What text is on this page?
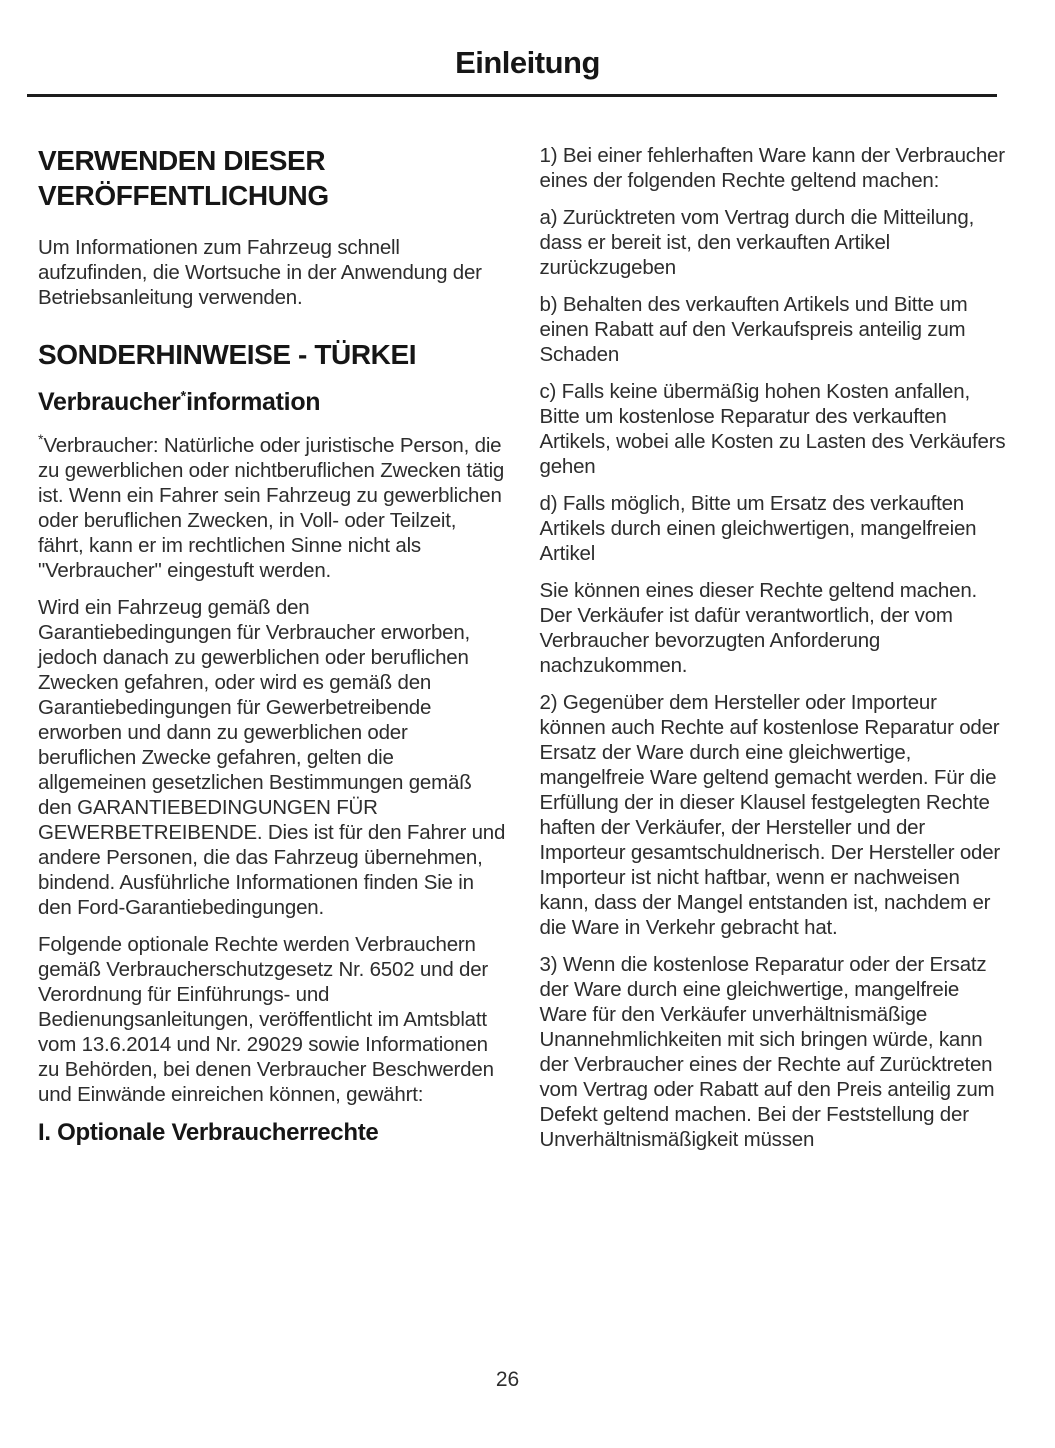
Einleitung
VERWENDEN DIESER VERÖFFENTLICHUNG

Um Informationen zum Fahrzeug schnell aufzufinden, die Wortsuche in der Anwendung der Betriebsanleitung verwenden.

SONDERHINWEISE - TÜRKEI
Verbraucher*information

*Verbraucher: Natürliche oder juristische Person, die zu gewerblichen oder nichtberuflichen Zwecken tätig ist. Wenn ein Fahrer sein Fahrzeug zu gewerblichen oder beruflichen Zwecken, in Voll- oder Teilzeit, fährt, kann er im rechtlichen Sinne nicht als "Verbraucher" eingestuft werden.

Wird ein Fahrzeug gemäß den Garantiebedingungen für Verbraucher erworben, jedoch danach zu gewerblichen oder beruflichen Zwecken gefahren, oder wird es gemäß den Garantiebedingungen für Gewerbetreibende erworben und dann zu gewerblichen oder beruflichen Zwecke gefahren, gelten die allgemeinen gesetzlichen Bestimmungen gemäß den GARANTIEBEDINGUNGEN FÜR GEWERBETREIBENDE. Dies ist für den Fahrer und andere Personen, die das Fahrzeug übernehmen, bindend. Ausführliche Informationen finden Sie in den Ford-Garantiebedingungen.

Folgende optionale Rechte werden Verbrauchern gemäß Verbraucherschutzgesetz Nr. 6502 und der Verordnung für Einführungs- und Bedienungsanleitungen, veröffentlicht im Amtsblatt vom 13.6.2014 und Nr. 29029 sowie Informationen zu Behörden, bei denen Verbraucher Beschwerden und Einwände einreichen können, gewährt:

I. Optionale Verbraucherrechte

1) Bei einer fehlerhaften Ware kann der Verbraucher eines der folgenden Rechte geltend machen:

a) Zurücktreten vom Vertrag durch die Mitteilung, dass er bereit ist, den verkauften Artikel zurückzugeben

b) Behalten des verkauften Artikels und Bitte um einen Rabatt auf den Verkaufspreis anteilig zum Schaden

c) Falls keine übermäßig hohen Kosten anfallen, Bitte um kostenlose Reparatur des verkauften Artikels, wobei alle Kosten zu Lasten des Verkäufers gehen

d) Falls möglich, Bitte um Ersatz des verkauften Artikels durch einen gleichwertigen, mangelfreien Artikel

Sie können eines dieser Rechte geltend machen. Der Verkäufer ist dafür verantwortlich, der vom Verbraucher bevorzugten Anforderung nachzukommen.

2) Gegenüber dem Hersteller oder Importeur können auch Rechte auf kostenlose Reparatur oder Ersatz der Ware durch eine gleichwertige, mangelfreie Ware geltend gemacht werden. Für die Erfüllung der in dieser Klausel festgelegten Rechte haften der Verkäufer, der Hersteller und der Importeur gesamtschuldnerisch. Der Hersteller oder Importeur ist nicht haftbar, wenn er nachweisen kann, dass der Mangel entstanden ist, nachdem er die Ware in Verkehr gebracht hat.

3) Wenn die kostenlose Reparatur oder der Ersatz der Ware durch eine gleichwertige, mangelfreie Ware für den Verkäufer unverhältnismäßige Unannehmlichkeiten mit sich bringen würde, kann der Verbraucher eines der Rechte auf Zurücktreten vom Vertrag oder Rabatt auf den Preis anteilig zum Defekt geltend machen. Bei der Feststellung der Unverhältnismäßigkeit müssen

26
